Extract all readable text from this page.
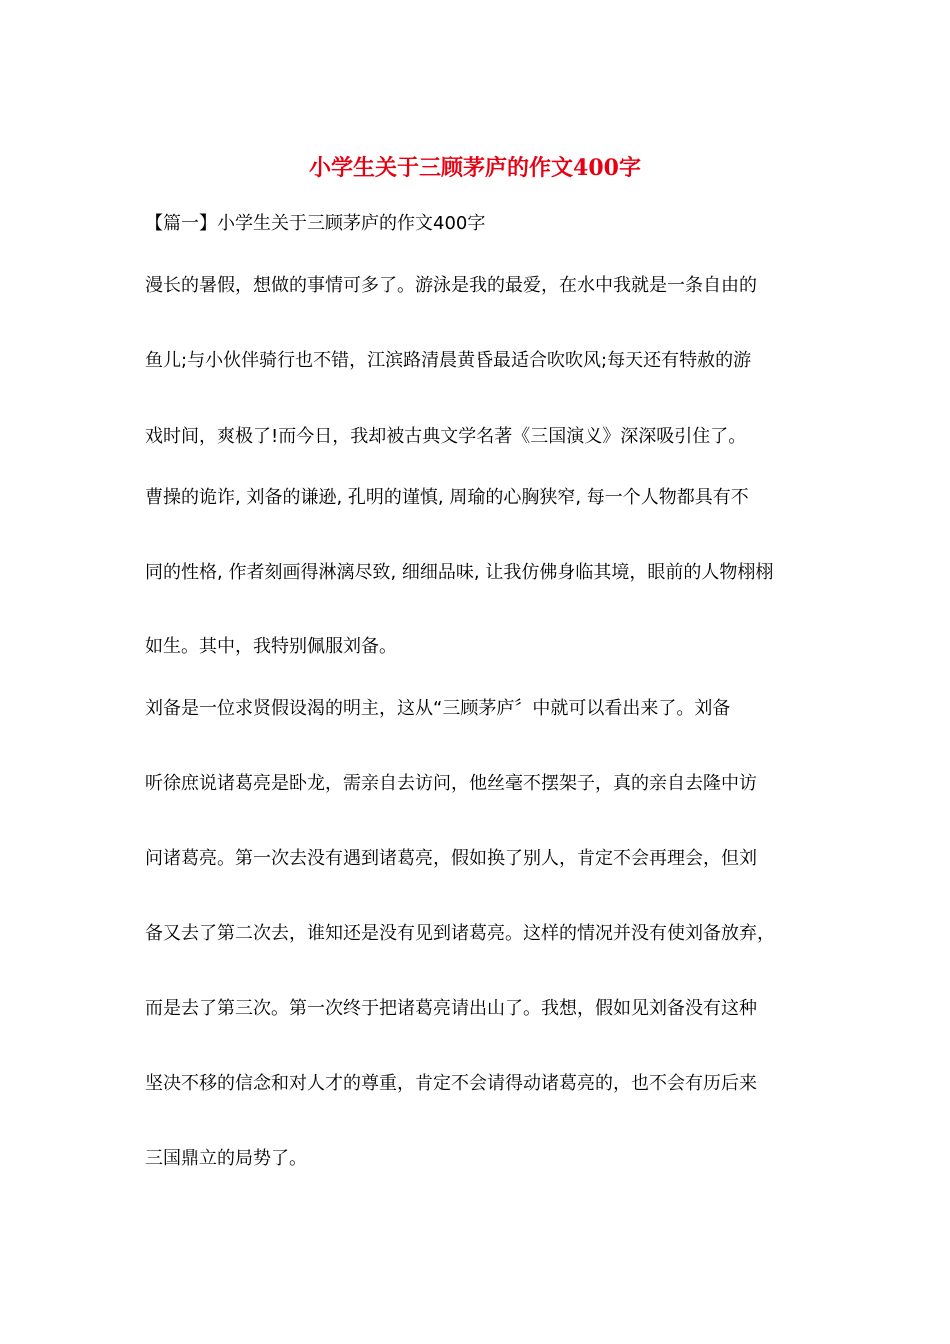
小学生关于三顾茅庐的作文400字

【篇一】小学生关于三顾茅庐的作文400字

漫长的暑假，想做的事情可多了。游泳是我的最爱，在水中我就是一条自由的

鱼儿;与小伙伴骑行也不错，江滨路清晨黄昏最适合吹吹风;每天还有特赦的游

戏时间，爽极了!而今日，我却被古典文学名著《三国演义》深深吸引住了。

曹操的诡诈, 刘备的谦逊, 孔明的谨慎, 周瑜的心胸狭窄, 每一个人物都具有不

同的性格, 作者刻画得淋漓尽致, 细细品味, 让我仿佛身临其境，眼前的人物栩栩

如生。其中，我特别佩服刘备。

刘备是一位求贤假设渴的明主，这从“三顾茅庐〞中就可以看出来了。刘备

听徐庶说诸葛亮是卧龙，需亲自去访问，他丝毫不摆架子，真的亲自去隆中访

问诸葛亮。第一次去没有遇到诸葛亮，假如换了别人，肯定不会再理会，但刘

备又去了第二次去，谁知还是没有见到诸葛亮。这样的情况并没有使刘备放弃，

而是去了第三次。第一次终于把诸葛亮请出山了。我想，假如见刘备没有这种

坚决不移的信念和对人才的尊重，肯定不会请得动诸葛亮的，也不会有历后来

三国鼎立的局势了。
